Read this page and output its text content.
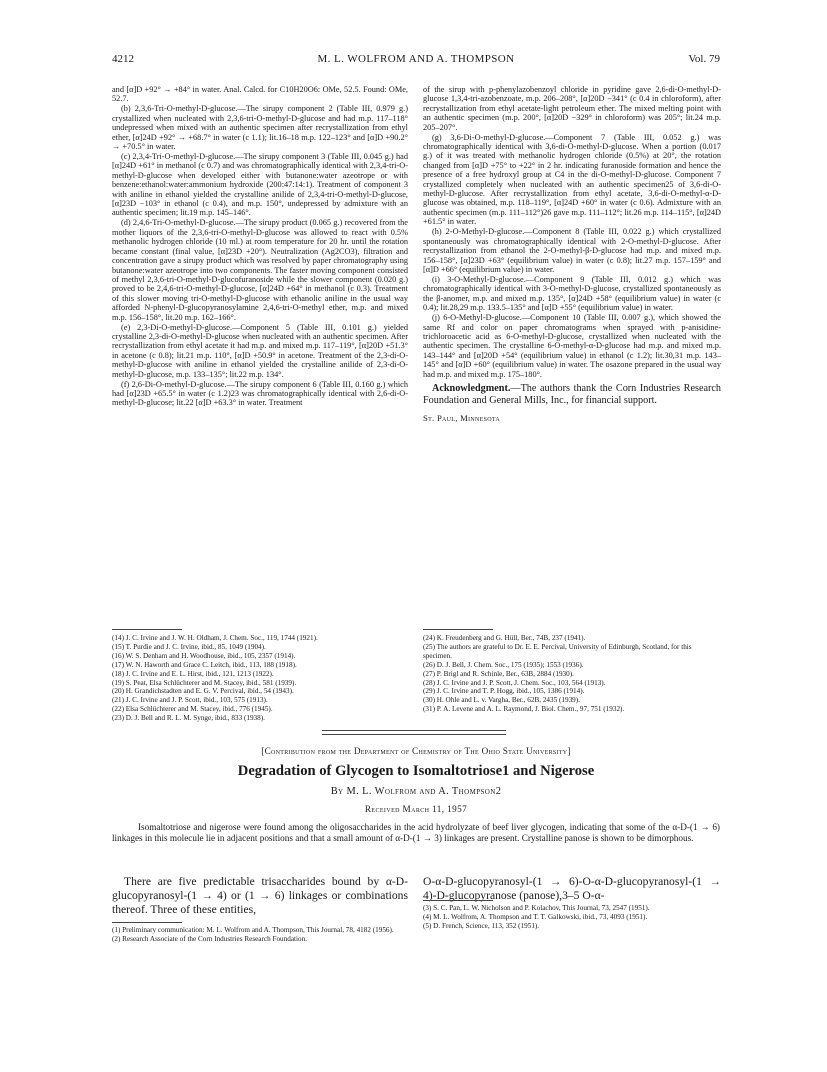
4212	M. L. WOLFROM AND A. THOMPSON	Vol. 79

and [α]D +92° → +84° in water. Anal. Calcd. for C10H20O6: OMe, 52.5. Found: OMe, 52.7.

(b) 2,3,6-Tri-O-methyl-D-glucose.—The sirupy component 2 (Table III, 0.979 g.) crystallized when nucleated with 2,3,6-tri-O-methyl-D-glucose and had m.p. 117–118° undepressed when mixed with an authentic specimen after recrystallization from ethyl ether, [α]24D +92° → +68.7° in water (c 1.1); lit.16–18 m.p. 122–123° and [α]D +90.2° → +70.5° in water.

(c) 2,3,4-Tri-O-methyl-D-glucose.—The sirupy component 3 (Table III, 0.045 g.) had [α]24D +61° in methanol (c 0.7) and was chromatographically identical with 2,3,4-tri-O-methyl-D-glucose when developed either with butanone:water azeotrope or with benzene:ethanol:water:ammonium hydroxide (200:47:14:1). Treatment of component 3 with aniline in ethanol yielded the crystalline anilide of 2,3,4-tri-O-methyl-D-glucose, [α]23D −103° in ethanol (c 0.4), and m.p. 150°, undepressed by admixture with an authentic specimen; lit.19 m.p. 145–146°.

(d) 2,4,6-Tri-O-methyl-D-glucose.—The sirupy product (0.065 g.) recovered from the mother liquors of the 2,3,6-tri-O-methyl-D-glucose was allowed to react with 0.5% methanolic hydrogen chloride (10 ml.) at room temperature for 20 hr. until the rotation became constant (final value, [α]23D +20°). Neutralization (Ag2CO3), filtration and concentration gave a sirupy product which was resolved by paper chromatography using butanone:water azeotrope into two components. The faster moving component consisted of methyl 2,3,6-tri-O-methyl-D-glucofuranoside while the slower component (0.020 g.) proved to be 2,4,6-tri-O-methyl-D-glucose, [α]24D +64° in methanol (c 0.3). Treatment of this slower moving tri-O-methyl-D-glucose with ethanolic aniline in the usual way afforded N-phenyl-D-glucopyranosylamine 2,4,6-tri-O-methyl ether, m.p. and mixed m.p. 156–158°, lit.20 m.p. 162–166°.

(e) 2,3-Di-O-methyl-D-glucose.—Component 5 (Table III, 0.101 g.) yielded crystalline 2,3-di-O-methyl-D-glucose when nucleated with an authentic specimen. After recrystallization from ethyl acetate it had m.p. and mixed m.p. 117–119°, [α]20D +51.3° in acetone (c 0.8); lit.21 m.p. 110°, [α]D +50.9° in acetone. Treatment of the 2,3-di-O-methyl-D-glucose with aniline in ethanol yielded the crystalline anilide of 2,3-di-O-methyl-D-glucose, m.p. 133–135°; lit.22 m.p. 134°.

(f) 2,6-Di-O-methyl-D-glucose.—The sirupy component 6 (Table III, 0.160 g.) which had [α]23D +65.5° in water (c 1.2)23 was chromatographically identical with 2,6-di-O-methyl-D-glucose; lit.22 [α]D +63.3° in water. Treatment

of the sirup with p-phenylazobenzoyl chloride in pyridine gave 2,6-di-O-methyl-D-glucose 1,3,4-tri-azobenzoate, m.p. 206–208°, [α]20D −341° (c 0.4 in chloroform), after recrystallization from ethyl acetate-light petroleum ether. The mixed melting point with an authentic specimen (m.p. 200°, [α]20D −329° in chloroform) was 205°; lit.24 m.p. 205–207°.

(g) 3,6-Di-O-methyl-D-glucose.—Component 7 (Table III, 0.052 g.) was chromatographically identical with 3,6-di-O-methyl-D-glucose. When a portion (0.017 g.) of it was treated with methanolic hydrogen chloride (0.5%) at 20°, the rotation changed from [α]D +75° to +22° in 2 hr. indicating furanoside formation and hence the presence of a free hydroxyl group at C4 in the di-O-methyl-D-glucose. Component 7 crystallized completely when nucleated with an authentic specimen25 of 3,6-di-O-methyl-D-glucose. After recrystallization from ethyl acetate, 3,6-di-O-methyl-α-D-glucose was obtained, m.p. 118–119°, [α]24D +60° in water (c 0.6). Admixture with an authentic specimen (m.p. 111–112°)26 gave m.p. 111–112°; lit.26 m.p. 114–115°, [α]24D +61.5° in water.

(h) 2-O-Methyl-D-glucose.—Component 8 (Table III, 0.022 g.) which crystallized spontaneously was chromatographically identical with 2-O-methyl-D-glucose. After recrystallization from ethanol the 2-O-methyl-β-D-glucose had m.p. and mixed m.p. 156–158°, [α]23D +63° (equilibrium value) in water (c 0.8); lit.27 m.p. 157–159° and [α]D +66° (equilibrium value) in water.

(i) 3-O-Methyl-D-glucose.—Component 9 (Table III, 0.012 g.) which was chromatographically identical with 3-O-methyl-D-glucose, crystallized spontaneously as the β-anomer, m.p. and mixed m.p. 135°, [α]24D +58° (equilibrium value) in water (c 0.4); lit.28,29 m.p. 133.5–135° and [α]D +55° (equilibrium value) in water.

(j) 6-O-Methyl-D-glucose.—Component 10 (Table III, 0.007 g.), which showed the same Rf and color on paper chromatograms when sprayed with p-anisidine-trichloroacetic acid as 6-O-methyl-D-glucose, crystallized when nucleated with the authentic specimen. The crystalline 6-O-methyl-α-D-glucose had m.p. and mixed m.p. 143–144° and [α]20D +54° (equilibrium value) in ethanol (c 1.2); lit.30,31 m.p. 143–145° and [α]D +60° (equilibrium value) in water. The osazone prepared in the usual way had m.p. and mixed m.p. 175–180°.

Acknowledgment.—The authors thank the Corn Industries Research Foundation and General Mills, Inc., for financial support.

St. Paul, Minnesota

(14) J. C. Irvine and J. W. H. Oldham, J. Chem. Soc., 119, 1744 (1921).
(15) T. Purdie and J. C. Irvine, ibid., 85, 1049 (1904).
(16) W. S. Denham and H. Woodhouse, ibid., 105, 2357 (1914).
(17) W. N. Haworth and Grace C. Leitch, ibid., 113, 188 (1918).
(18) J. C. Irvine and E. L. Hirst, ibid., 121, 1213 (1922).
(19) S. Peat, Elsa Schlüchterer and M. Stacey, ibid., 581 (1939).
(20) H. Grandichstadten and E. G. V. Percival, ibid., 54 (1943).
(21) J. C. Irvine and J. P. Scott, ibid., 103, 575 (1913).
(22) Elsa Schlüchterer and M. Stacey, ibid., 776 (1945).
(23) D. J. Bell and R. L. M. Synge, ibid., 833 (1938).
(24) K. Freudenberg and G. Hüll, Ber., 74B, 237 (1941).
(25) The authors are grateful to Dr. E. E. Percival, University of Edinburgh, Scotland, for this specimen.
(26) D. J. Bell, J. Chem. Soc., 175 (1935); 1553 (1936).
(27) P. Brigl and R. Schinle, Ber., 63B, 2884 (1930).
(28) J. C. Irvine and J. P. Scott, J. Chem. Soc., 103, 564 (1913).
(29) J. C. Irvine and T. P. Hogg, ibid., 105, 1386 (1914).
(30) H. Ohle and L. v. Vargha, Ber., 62B, 2435 (1939).
(31) P. A. Levene and A. L. Raymond, J. Biol. Chem., 97, 751 (1932).
[Contribution from the Department of Chemistry of The Ohio State University]
Degradation of Glycogen to Isomaltotriose1 and Nigerose
By M. L. Wolfrom and A. Thompson2
Received March 11, 1957
Isomaltotriose and nigerose were found among the oligosaccharides in the acid hydrolyzate of beef liver glycogen, indicating that some of the α-D-(1 → 6) linkages in this molecule lie in adjacent positions and that a small amount of α-D-(1 → 3) linkages are present. Crystalline panose is shown to be dimorphous.
There are five predictable trisaccharides bound by α-D-glucopyranosyl-(1 → 4) or (1 → 6) linkages or combinations thereof. Three of these entities,
O-α-D-glucopyranosyl-(1 → 6)-O-α-D-glucopyranosyl-(1 → 4)-D-glucopyranose (panose),3–5 O-α-
(1) Preliminary communication: M. L. Wolfrom and A. Thompson, This Journal, 78, 4182 (1956).
(2) Research Associate of the Corn Industries Research Foundation.
(3) S. C. Pan, L. W. Nicholson and P. Kolachov, This Journal, 73, 2547 (1951).
(4) M. L. Wolfrom, A. Thompson and T. T. Galkowski, ibid., 73, 4093 (1951).
(5) D. French, Science, 113, 352 (1951).
